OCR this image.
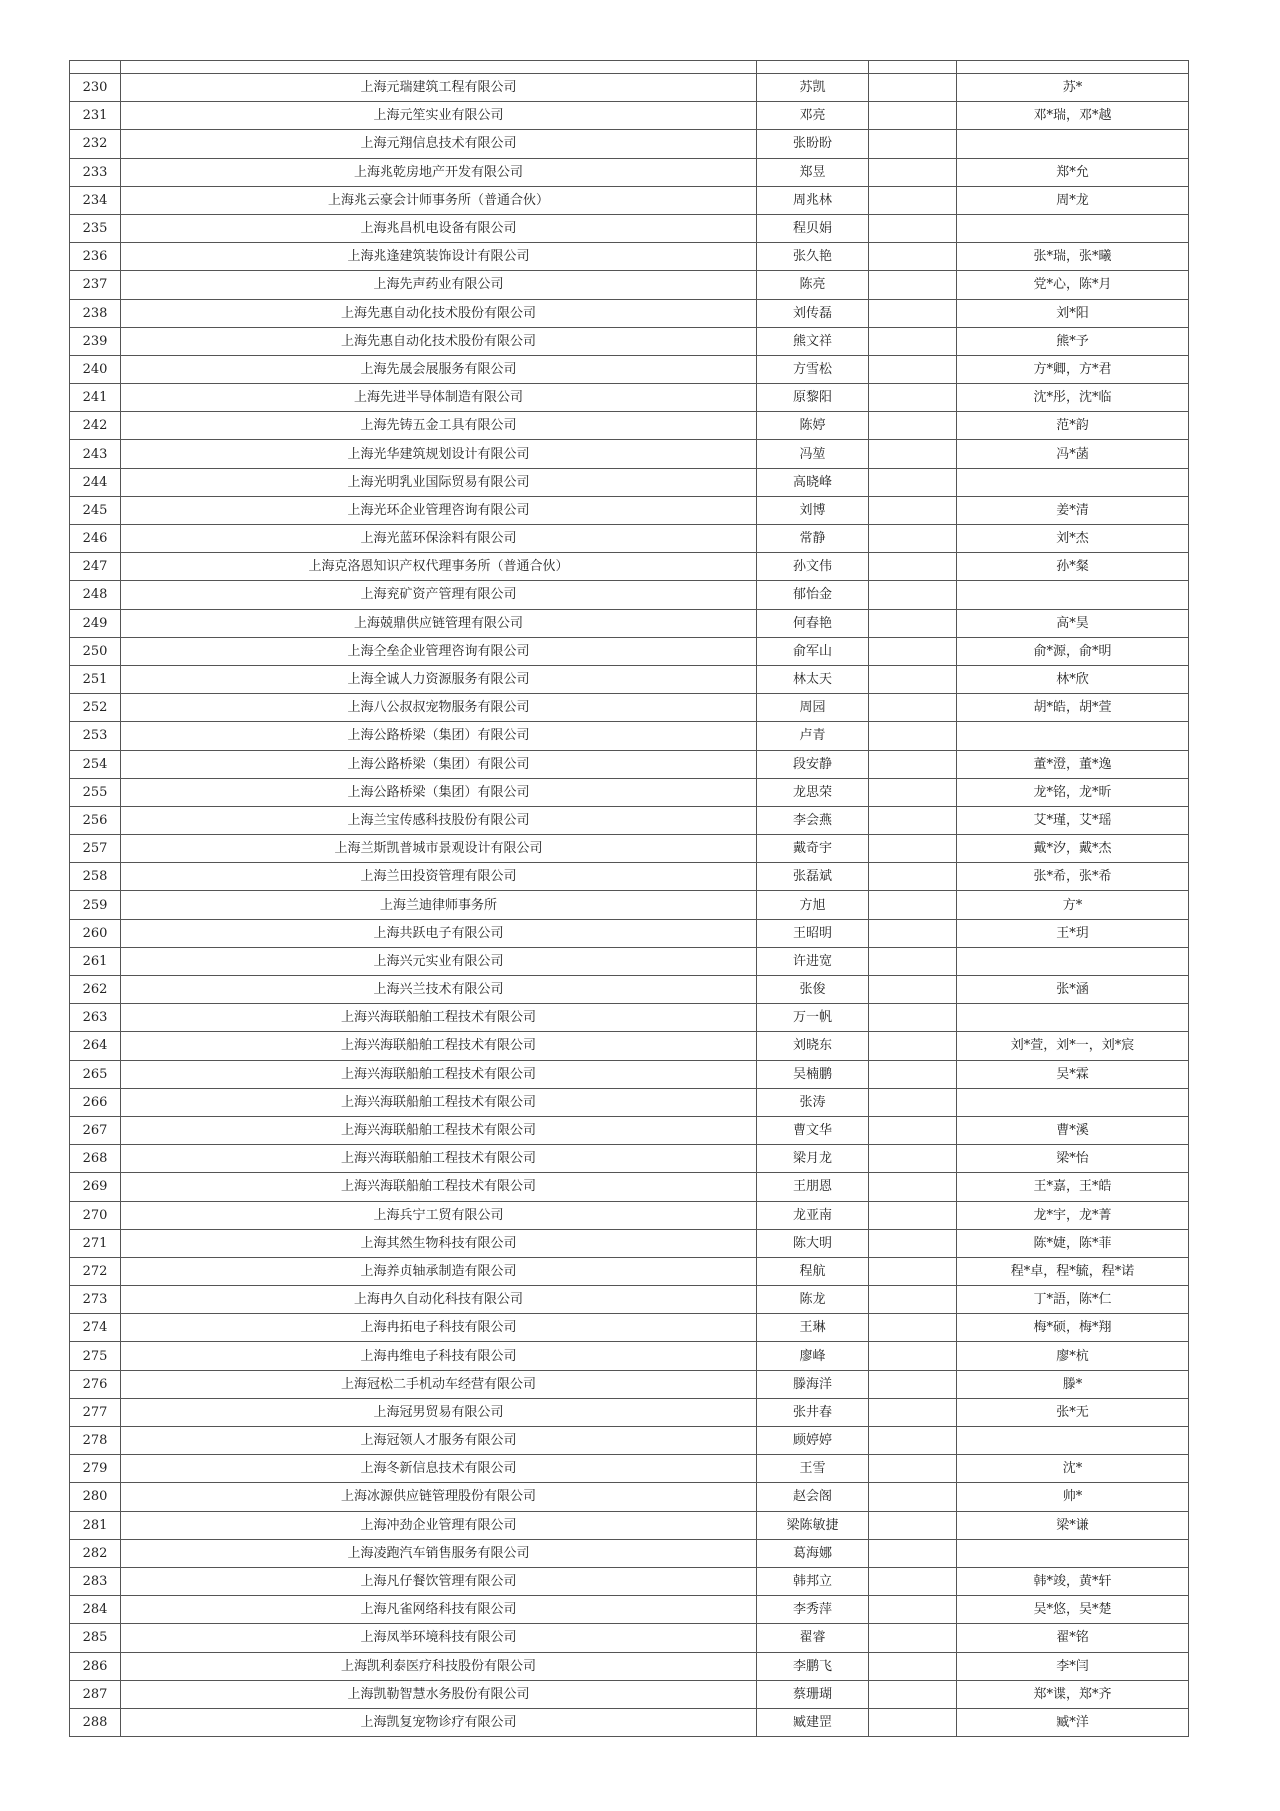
230	上海元瑞建筑工程有限公司	苏凯		苏*
231	上海元笙实业有限公司	邓亮		邓*瑞，邓*越
232	上海元翔信息技术有限公司	张盼盼		
233	上海兆乾房地产开发有限公司	郑昱		郑*允
234	上海兆云豪会计师事务所（普通合伙）	周兆林		周*龙
235	上海兆昌机电设备有限公司	程贝娟		
236	上海兆逢建筑装饰设计有限公司	张久艳		张*瑞，张*曦
237	上海先声药业有限公司	陈亮		党*心，陈*月
238	上海先惠自动化技术股份有限公司	刘传磊		刘*阳
239	上海先惠自动化技术股份有限公司	熊文祥		熊*予
240	上海先晟会展服务有限公司	方雪松		方*卿，方*君
241	上海先进半导体制造有限公司	原黎阳		沈*彤，沈*临
242	上海先铸五金工具有限公司	陈婷		范*韵
243	上海光华建筑规划设计有限公司	冯堃		冯*菡
244	上海光明乳业国际贸易有限公司	高晓峰		
245	上海光环企业管理咨询有限公司	刘博		姜*清
246	上海光蓝环保涂料有限公司	常静		刘*杰
247	上海克洛恩知识产权代理事务所（普通合伙）	孙文伟		孙*粲
248	上海兖矿资产管理有限公司	郁怡金		
249	上海兢鼎供应链管理有限公司	何春艳		高*昊
250	上海仝垒企业管理咨询有限公司	俞军山		俞*源，俞*明
251	上海全诚人力资源服务有限公司	林太天		林*欣
252	上海八公叔叔宠物服务有限公司	周园		胡*皓，胡*萱
253	上海公路桥梁（集团）有限公司	卢青		
254	上海公路桥梁（集团）有限公司	段安静		董*澄，董*逸
255	上海公路桥梁（集团）有限公司	龙思荣		龙*铭，龙*昕
256	上海兰宝传感科技股份有限公司	李会燕		艾*瑾，艾*瑶
257	上海兰斯凯普城市景观设计有限公司	戴奇宇		戴*汐，戴*杰
258	上海兰田投资管理有限公司	张磊斌		张*希，张*希
259	上海兰迪律师事务所	方旭		方*
260	上海共跃电子有限公司	王昭明		王*玥
261	上海兴元实业有限公司	许进宽		
262	上海兴兰技术有限公司	张俊		张*涵
263	上海兴海联船舶工程技术有限公司	万一帆		
264	上海兴海联船舶工程技术有限公司	刘晓东		刘*萱，刘*一，刘*宸
265	上海兴海联船舶工程技术有限公司	吴楠鹏		吴*霖
266	上海兴海联船舶工程技术有限公司	张涛		
267	上海兴海联船舶工程技术有限公司	曹文华		曹*溪
268	上海兴海联船舶工程技术有限公司	梁月龙		梁*怡
269	上海兴海联船舶工程技术有限公司	王朋恩		王*嘉，王*皓
270	上海兵宁工贸有限公司	龙亚南		龙*宇，龙*菁
271	上海其然生物科技有限公司	陈大明		陈*婕，陈*菲
272	上海养贞轴承制造有限公司	程航		程*卓，程*毓，程*诺
273	上海冉久自动化科技有限公司	陈龙		丁*語，陈*仁
274	上海冉拓电子科技有限公司	王琳		梅*硕，梅*翔
275	上海冉维电子科技有限公司	廖峰		廖*杭
276	上海冠松二手机动车经营有限公司	滕海洋		滕*
277	上海冠男贸易有限公司	张井春		张*无
278	上海冠领人才服务有限公司	顾婷婷		
279	上海冬新信息技术有限公司	王雪		沈*
280	上海冰源供应链管理股份有限公司	赵会阁		帅*
281	上海冲劲企业管理有限公司	梁陈敏捷		梁*谦
282	上海凌跑汽车销售服务有限公司	葛海娜		
283	上海凡仔餐饮管理有限公司	韩邦立		韩*竣，黄*轩
284	上海凡雀网络科技有限公司	李秀萍		吴*悠，吴*楚
285	上海凤举环境科技有限公司	翟睿		翟*铭
286	上海凯利泰医疗科技股份有限公司	李鹏飞		李*闫
287	上海凯勒智慧水务股份有限公司	蔡珊瑚		郑*谍，郑*齐
288	上海凯复宠物诊疗有限公司	臧建罡		臧*洋
